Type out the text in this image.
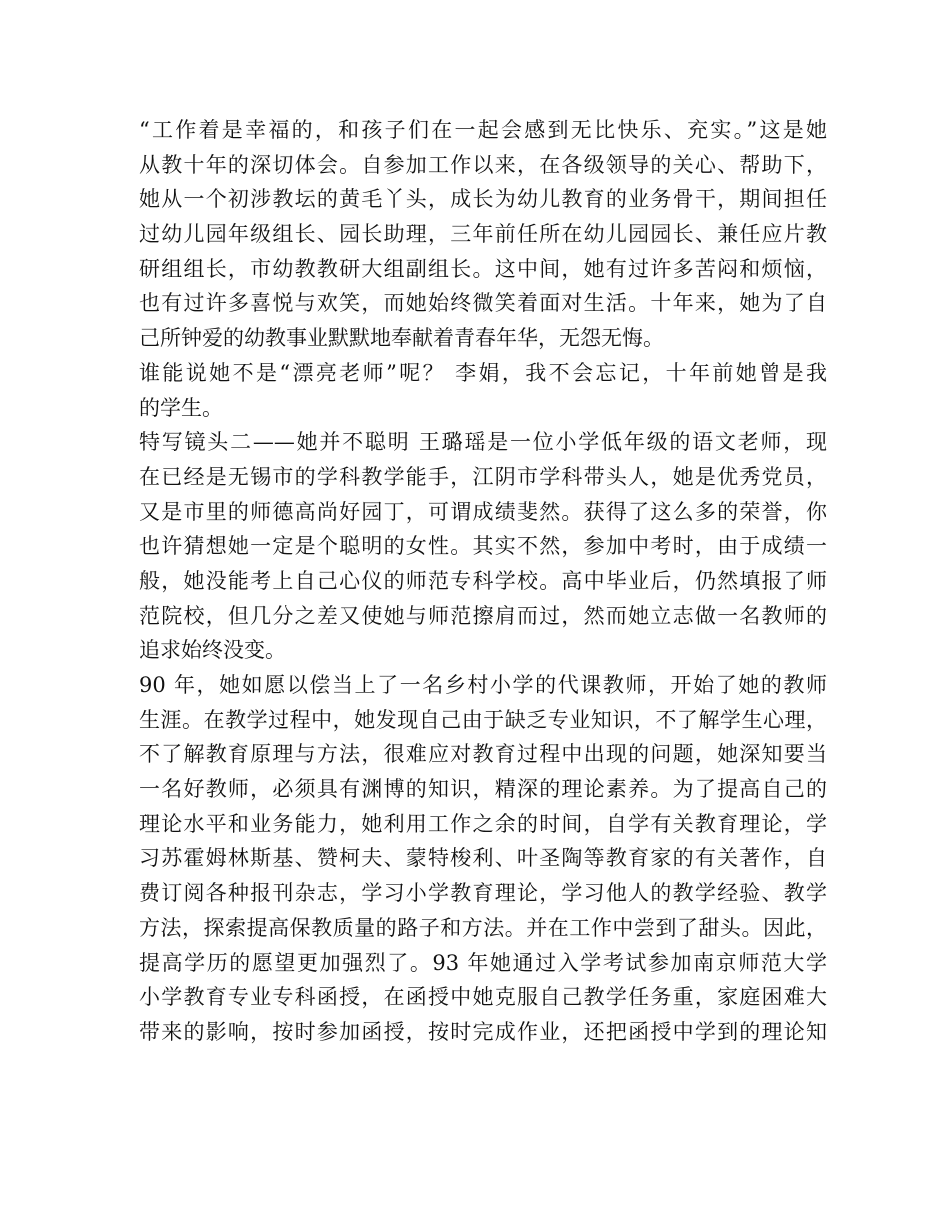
“工作着是幸福的，和孩子们在一起会感到无比快乐、充实。”这是她
从教十年的深切体会。自参加工作以来，在各级领导的关心、帮助下，
她从一个初涉教坛的黄毛丫头，成长为幼儿教育的业务骨干，期间担任
过幼儿园年级组长、园长助理，三年前任所在幼儿园园长、兼任应片教
研组组长，市幼教教研大组副组长。这中间，她有过许多苦闷和烦恼，
也有过许多喜悦与欢笑，而她始终微笑着面对生活。十年来，她为了自
己所钟爱的幼教事业默默地奉献着青春年华，无怨无悔。
谁能说她不是“漂亮老师”呢？ 李娟，我不会忘记，十年前她曾是我
的学生。
特写镜头二——她并不聪明 王璐瑶是一位小学低年级的语文老师，现
在已经是无锡市的学科教学能手，江阴市学科带头人，她是优秀党员，
又是市里的师德高尚好园丁，可谓成绩斐然。获得了这么多的荣誉，你
也许猜想她一定是个聪明的女性。其实不然，参加中考时，由于成绩一
般，她没能考上自己心仪的师范专科学校。高中毕业后，仍然填报了师
范院校，但几分之差又使她与师范擦肩而过，然而她立志做一名教师的
追求始终没变。
90 年，她如愿以偿当上了一名乡村小学的代课教师，开始了她的教师
生涯。在教学过程中，她发现自己由于缺乏专业知识，不了解学生心理，
不了解教育原理与方法，很难应对教育过程中出现的问题，她深知要当
一名好教师，必须具有渊博的知识，精深的理论素养。为了提高自己的
理论水平和业务能力，她利用工作之余的时间，自学有关教育理论，学
习苏霍姆林斯基、赞柯夫、蒙特梭利、叶圣陶等教育家的有关著作，自
费订阅各种报刊杂志，学习小学教育理论，学习他人的教学经验、教学
方法，探索提高保教质量的路子和方法。并在工作中尝到了甜头。因此，
提高学历的愿望更加强烈了。93 年她通过入学考试参加南京师范大学
小学教育专业专科函授，在函授中她克服自己教学任务重，家庭困难大
带来的影响，按时参加函授，按时完成作业，还把函授中学到的理论知
